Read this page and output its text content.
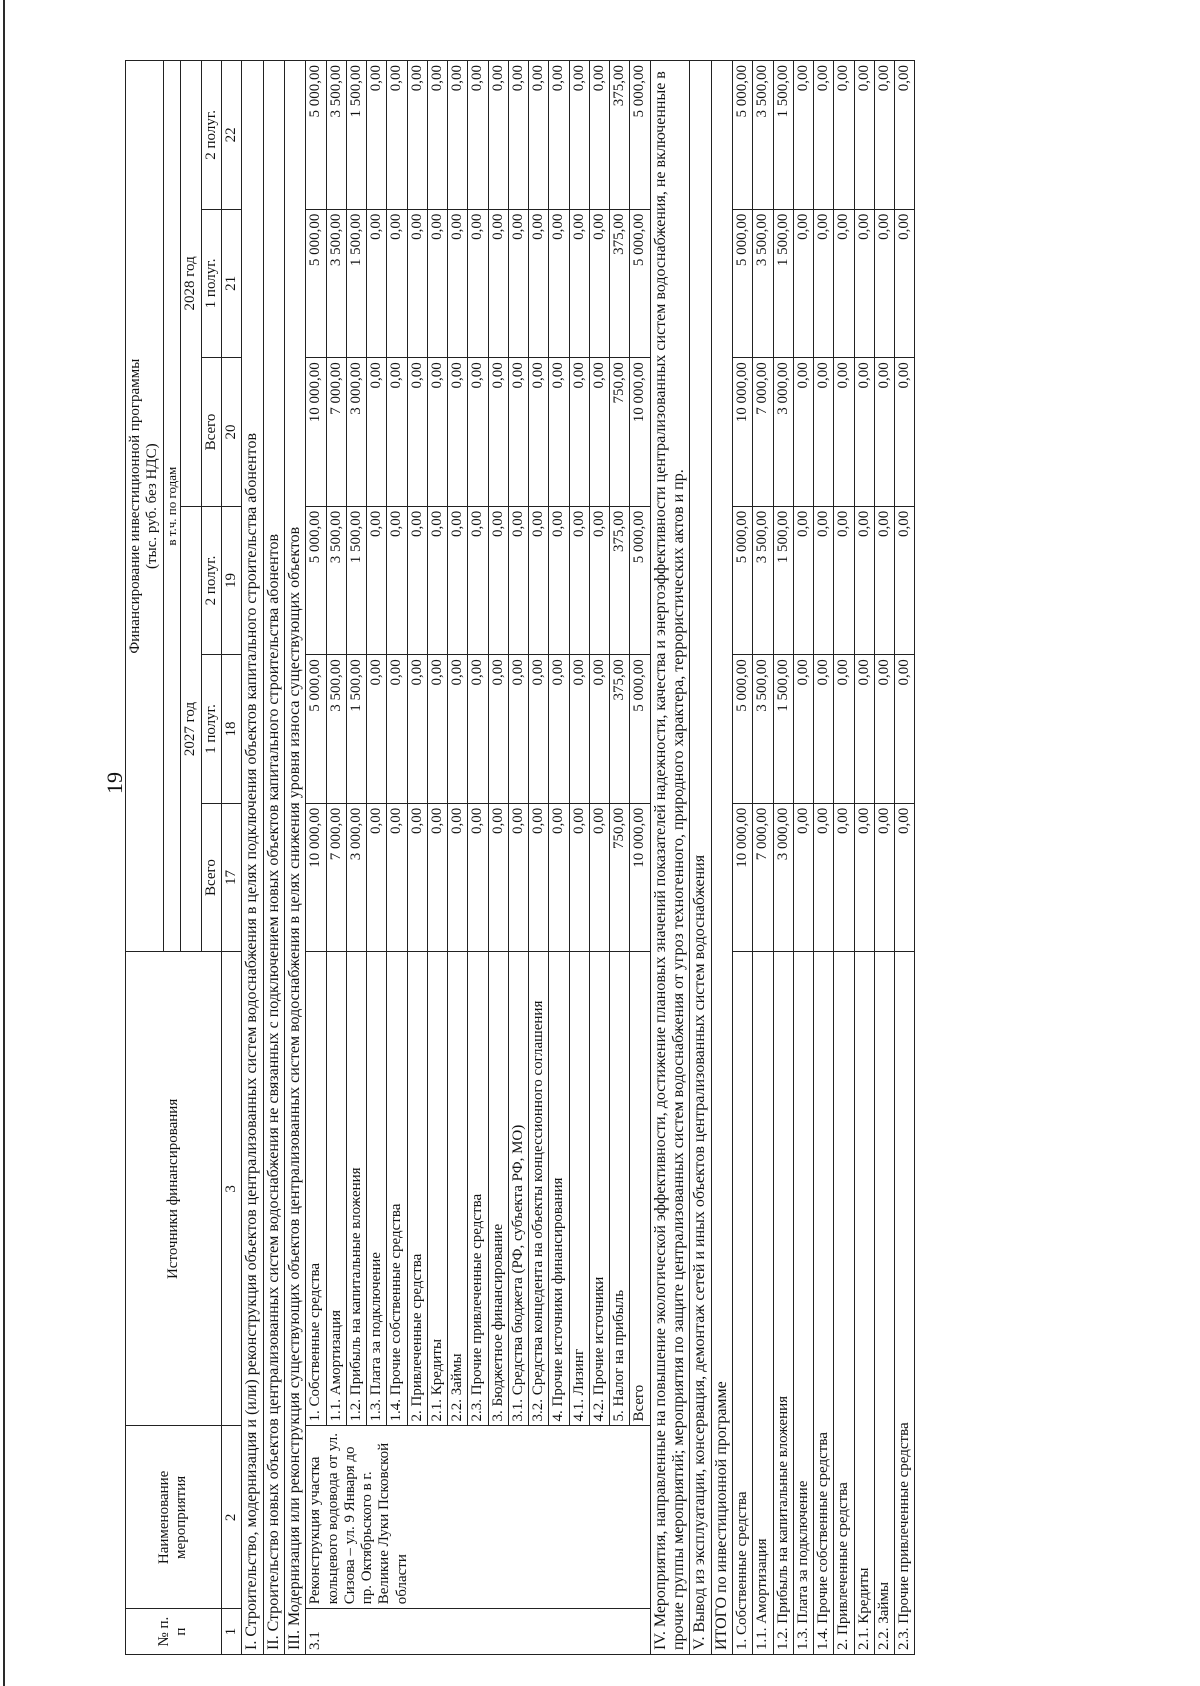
19
№ п. п	Наименование мероприятия	Источники финансирования	Финансирование инвестиционной программы (тыс. руб. без НДС)					

			в т.ч. по годам					
			2027 год			2028 год		
			Всего	1 полуг.	2 полуг.	Всего	1 полуг.	2 полуг.
1	2	3	17	18	19	20	21	22
I. Строительство, модернизация и (или) реконструкция объектов централизованных систем водоснабжения в целях подключения объектов капитального строительства абонентов								
II. Строительство новых объектов централизованных систем водоснабжения не связанных с подключением новых объектов капитального строительства абонентов								
III. Модернизация или реконструкция существующих объектов централизованных систем водоснабжения в целях снижения уровня износа существующих объектов								
3.1	Реконструкция участка кольцевого водовода от ул. Сизова – ул. 9 Января до пр. Октябрьского в г. Великие Луки Псковской области	1. Собственные средства	10 000,00	5 000,00	5 000,00	10 000,00	5 000,00	5 000,00
		1.1. Амортизация	7 000,00	3 500,00	3 500,00	7 000,00	3 500,00	3 500,00
		1.2. Прибыль на капитальные вложения	3 000,00	1 500,00	1 500,00	3 000,00	1 500,00	1 500,00
		1.3. Плата за подключение	0,00	0,00	0,00	0,00	0,00	0,00
		1.4. Прочие собственные средства	0,00	0,00	0,00	0,00	0,00	0,00
		2. Привлеченные средства	0,00	0,00	0,00	0,00	0,00	0,00
		2.1. Кредиты	0,00	0,00	0,00	0,00	0,00	0,00
		2.2. Займы	0,00	0,00	0,00	0,00	0,00	0,00
		2.3. Прочие привлеченные средства	0,00	0,00	0,00	0,00	0,00	0,00
		3. Бюджетное финансирование	0,00	0,00	0,00	0,00	0,00	0,00
		3.1. Средства бюджета (РФ, субъекта РФ, МО)	0,00	0,00	0,00	0,00	0,00	0,00
		3.2. Средства концедента на объекты концессионного соглашения	0,00	0,00	0,00	0,00	0,00	0,00
		4. Прочие источники финансирования	0,00	0,00	0,00	0,00	0,00	0,00
		4.1. Лизинг	0,00	0,00	0,00	0,00	0,00	0,00
		4.2. Прочие источники	0,00	0,00	0,00	0,00	0,00	0,00
		5. Налог на прибыль	750,00	375,00	375,00	750,00	375,00	375,00
		Всего	10 000,00	5 000,00	5 000,00	10 000,00	5 000,00	5 000,00
IV. Мероприятия, направленные на повышение экологической эффективности, достижение плановых значений показателей надежности, качества и энергоэффективности централизованных систем водоснабжения, не включенные в прочие группы мероприятий; мероприятия по защите централизованных систем водоснабжения от угроз техногенного, природного характера, террористических актов и пр.								
V. Вывод из эксплуатации, консервация, демонтаж сетей и иных объектов централизованных систем водоснабжения								
ИТОГО по инвестиционной программе								
1. Собственные средства			10 000,00	5 000,00	5 000,00	10 000,00	5 000,00	5 000,00
1.1. Амортизация			7 000,00	3 500,00	3 500,00	7 000,00	3 500,00	3 500,00
1.2. Прибыль на капитальные вложения			3 000,00	1 500,00	1 500,00	3 000,00	1 500,00	1 500,00
1.3. Плата за подключение			0,00	0,00	0,00	0,00	0,00	0,00
1.4. Прочие собственные средства			0,00	0,00	0,00	0,00	0,00	0,00
2. Привлеченные средства			0,00	0,00	0,00	0,00	0,00	0,00
2.1. Кредиты			0,00	0,00	0,00	0,00	0,00	0,00
2.2. Займы			0,00	0,00	0,00	0,00	0,00	0,00
2.3. Прочие привлеченные средства			0,00	0,00	0,00	0,00	0,00	0,00
